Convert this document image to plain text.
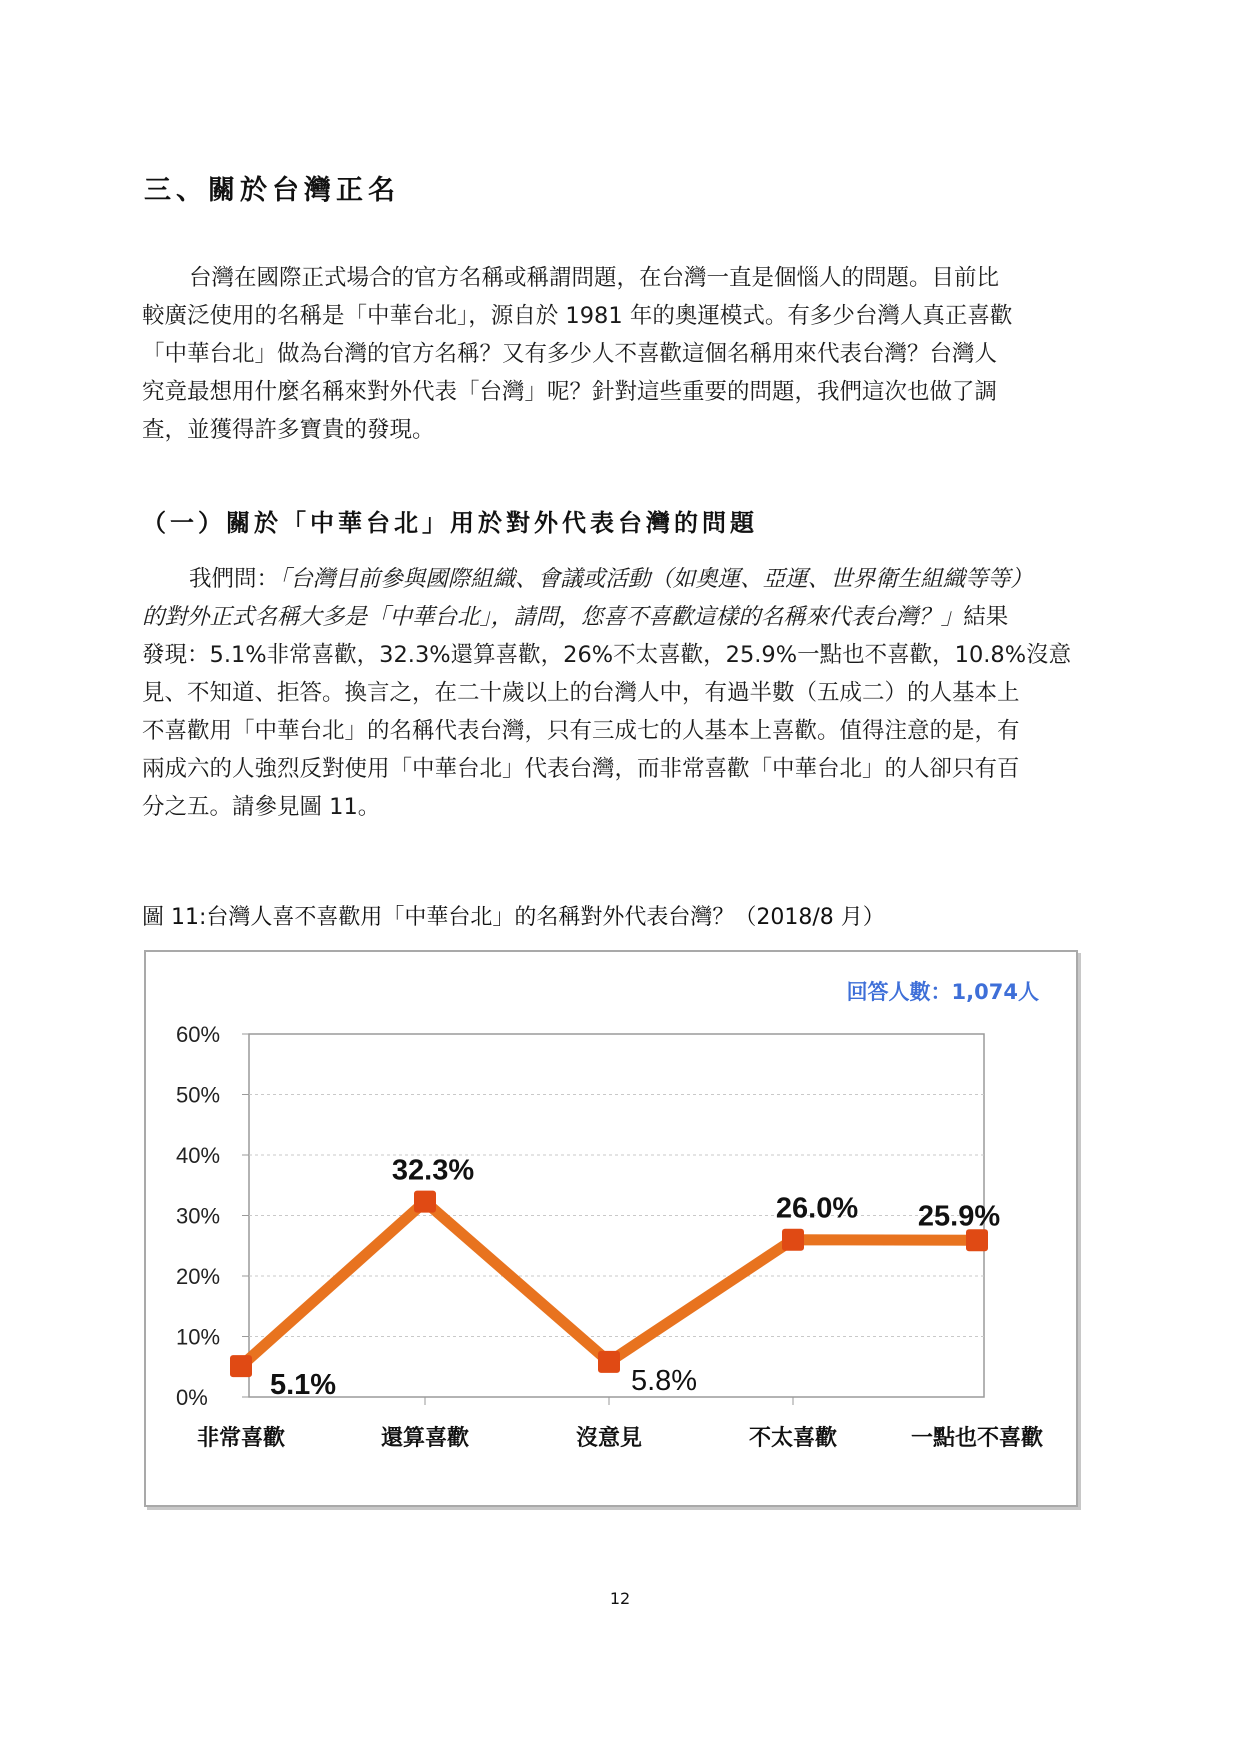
三、關於台灣正名
台灣在國際正式場合的官方名稱或稱謂問題，在台灣一直是個惱人的問題。目前比
較廣泛使用的名稱是「中華台北」，源自於 1981 年的奧運模式。有多少台灣人真正喜歡
「中華台北」做為台灣的官方名稱？又有多少人不喜歡這個名稱用來代表台灣？台灣人
究竟最想用什麼名稱來對外代表「台灣」呢？針對這些重要的問題，我們這次也做了調
查，並獲得許多寶貴的發現。
（一）關於「中華台北」用於對外代表台灣的問題
我們問：「台灣目前參與國際組織、會議或活動（如奧運、亞運、世界衛生組織等等）
的對外正式名稱大多是「中華台北」，請問，您喜不喜歡這樣的名稱來代表台灣？」結果
發現：5.1%非常喜歡，32.3%還算喜歡，26%不太喜歡，25.9%一點也不喜歡，10.8%沒意
見、不知道、拒答。換言之，在二十歲以上的台灣人中，有過半數（五成二）的人基本上
不喜歡用「中華台北」的名稱代表台灣，只有三成七的人基本上喜歡。值得注意的是，有
兩成六的人強烈反對使用「中華台北」代表台灣，而非常喜歡「中華台北」的人卻只有百
分之五。請參見圖 11。
圖 11:台灣人喜不喜歡用「中華台北」的名稱對外代表台灣？（2018/8 月）
0%
10%
20%
30%
40%
50%
60%
非常喜歡	還算喜歡	沒意見	不太喜歡	一點也不喜歡
5.1%
32.3%
5.8%
26.0% 25.9%
回答人數：1,074人
12
